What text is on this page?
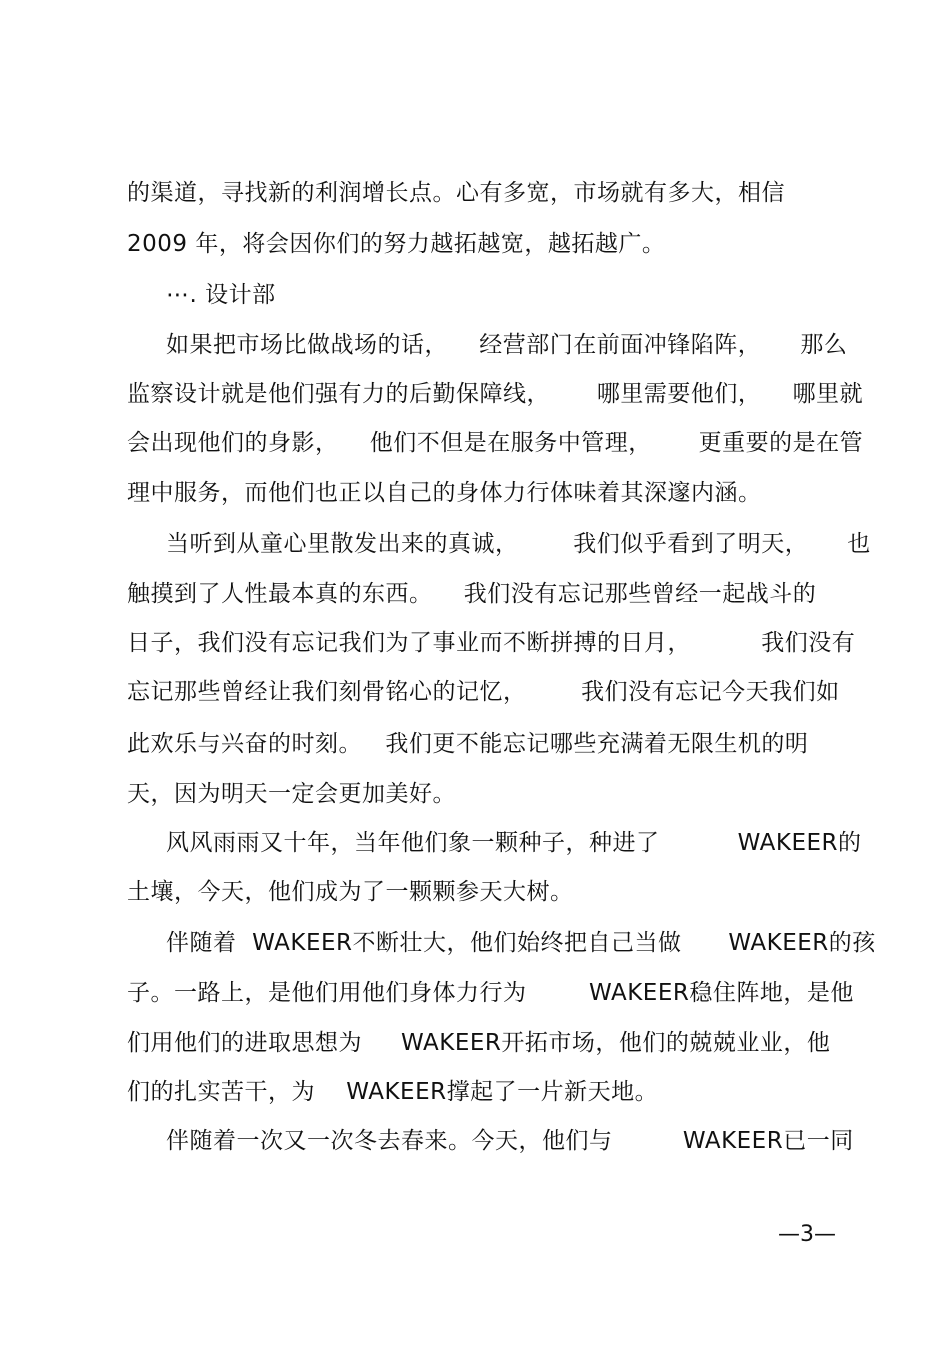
的渠道，寻找新的利润增长点。心有多宽，市场就有多大，相信
2009 年，将会因你们的努力越拓越宽，越拓越广。
⋯. 设计部
如果把市场比做战场的话，    经营部门在前面冲锋陷阵，     那么
监察设计就是他们强有力的后勤保障线，      哪里需要他们，    哪里就
会出现他们的身影，    他们不但是在服务中管理，      更重要的是在管
理中服务，而他们也正以自己的身体力行体味着其深邃内涵。
当听到从童心里散发出来的真诚，       我们似乎看到了明天，     也
触摸到了人性最本真的东西。    我们没有忘记那些曾经一起战斗的
日子，我们没有忘记我们为了事业而不断拼搏的日月，         我们没有
忘记那些曾经让我们刻骨铭心的记忆，       我们没有忘记今天我们如
此欢乐与兴奋的时刻。   我们更不能忘记哪些充满着无限生机的明
天，因为明天一定会更加美好。
风风雨雨又十年，当年他们象一颗种子，种进了          WAKEER的
土壤，今天，他们成为了一颗颗参天大树。
伴随着  WAKEER不断壮大，他们始终把自己当做      WAKEER的孩
子。一路上，是他们用他们身体力行为        WAKEER稳住阵地，是他
们用他们的进取思想为     WAKEER开拓市场，他们的兢兢业业，他
们的扎实苦干，为    WAKEER撑起了一片新天地。
伴随着一次又一次冬去春来。今天，他们与         WAKEER已一同
—3—
